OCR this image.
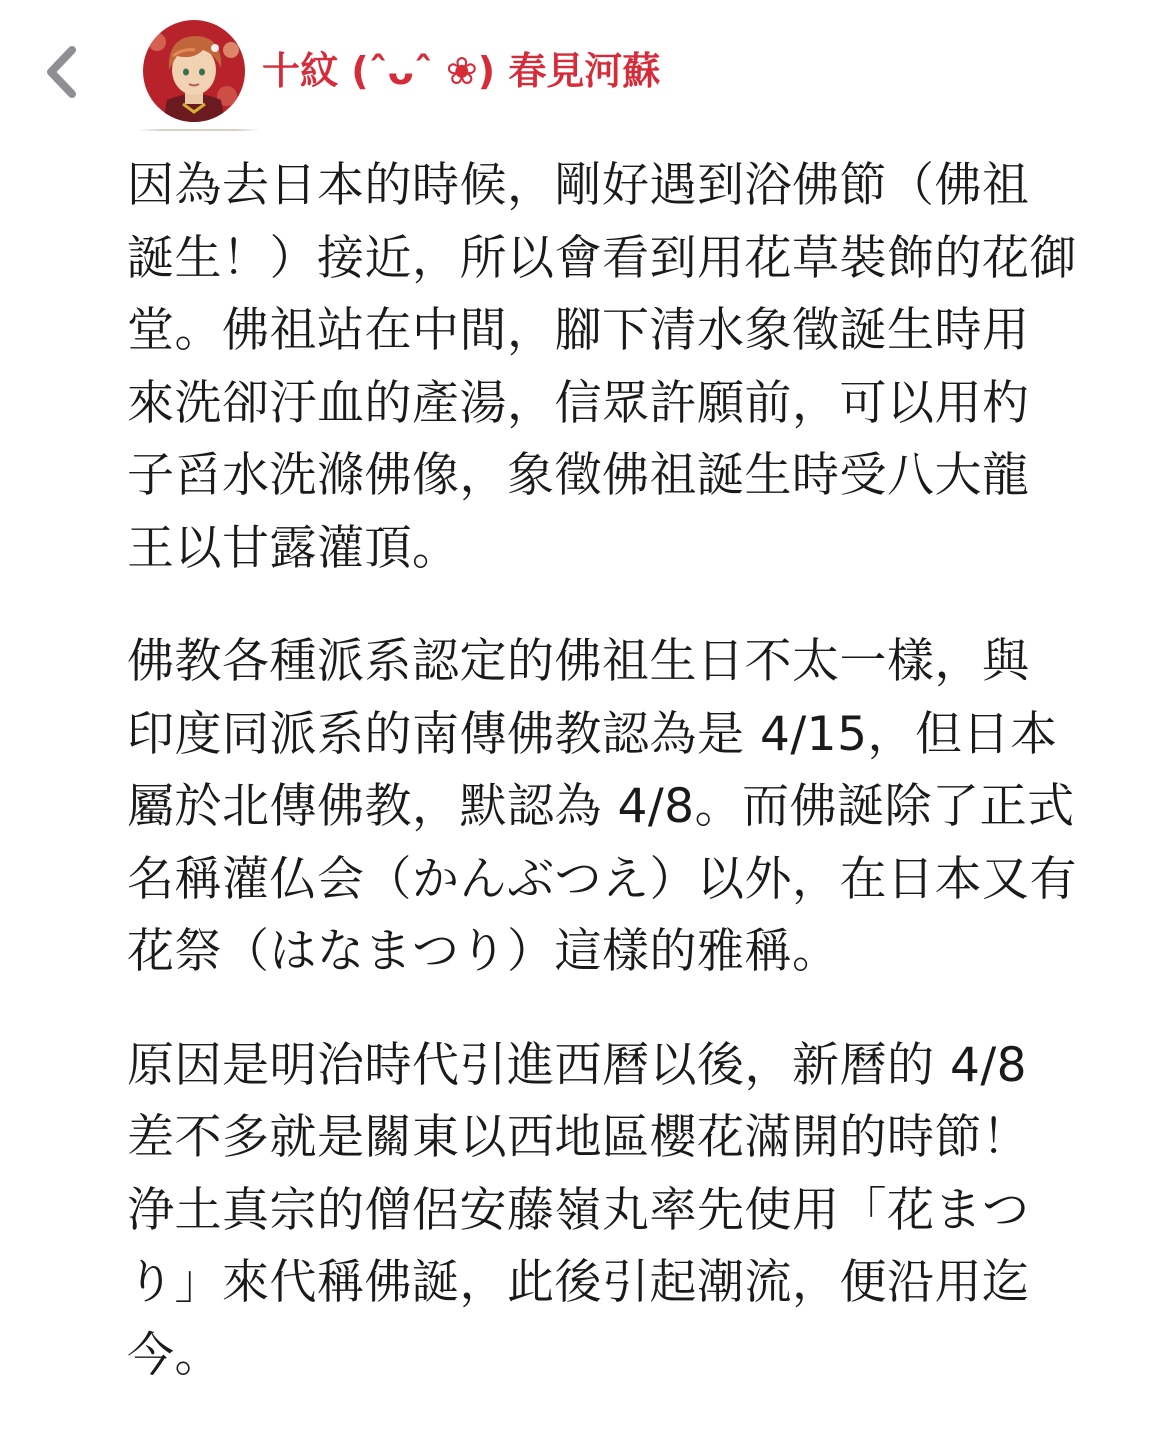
十紋 (ˆᴗˆ ❀) 春見河蘇

因為去日本的時候，剛好遇到浴佛節（佛祖
誕生！）接近，所以會看到用花草裝飾的花御
堂。佛祖站在中間，腳下清水象徵誕生時用
來洗卻汙血的產湯，信眾許願前，可以用杓
子舀水洗滌佛像，象徵佛祖誕生時受八大龍
王以甘露灌頂。

佛教各種派系認定的佛祖生日不太一樣，與
印度同派系的南傳佛教認為是 4/15，但日本
屬於北傳佛教，默認為 4/8。而佛誕除了正式
名稱灌仏会（かんぶつえ）以外，在日本又有
花祭（はなまつり）這樣的雅稱。

原因是明治時代引進西曆以後，新曆的 4/8
差不多就是關東以西地區櫻花滿開的時節！
浄土真宗的僧侶安藤嶺丸率先使用「花まつ
り」來代稱佛誕，此後引起潮流，便沿用迄
今。
